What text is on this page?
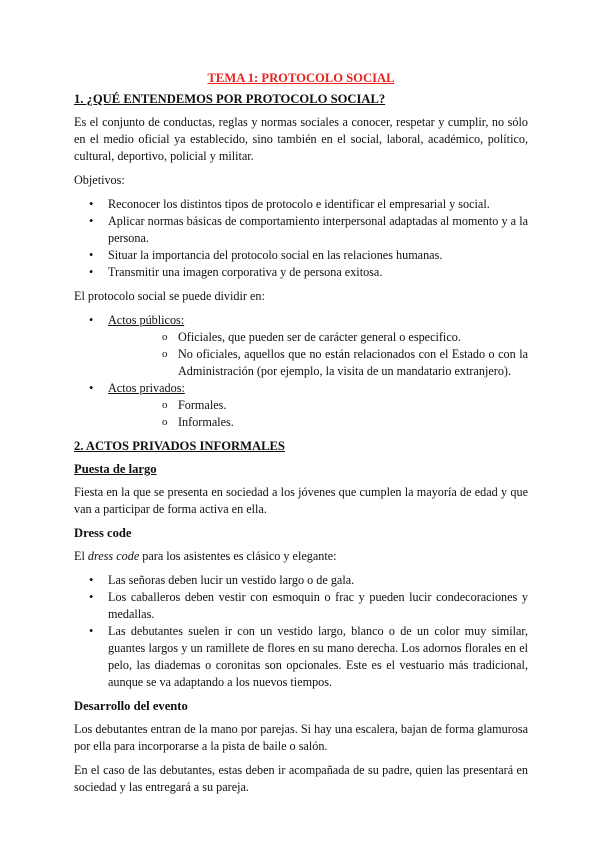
TEMA 1: PROTOCOLO SOCIAL
1. ¿QUÉ ENTENDEMOS POR PROTOCOLO SOCIAL?

Es el conjunto de conductas, reglas y normas sociales a conocer, respetar y cumplir, no sólo en el medio oficial ya establecido, sino también en el social, laboral, académico, político, cultural, deportivo, policial y militar.

Objetivos:

• Reconocer los distintos tipos de protocolo e identificar el empresarial y social.
• Aplicar normas básicas de comportamiento interpersonal adaptadas al momento y a la persona.
• Situar la importancia del protocolo social en las relaciones humanas.
• Transmitir una imagen corporativa y de persona exitosa.

El protocolo social se puede dividir en:

• Actos públicos:
o Oficiales, que pueden ser de carácter general o especifico.
o No oficiales, aquellos que no están relacionados con el Estado o con la Administración (por ejemplo, la visita de un mandatario extranjero).
• Actos privados:
o Formales.
o Informales.
2. ACTOS PRIVADOS INFORMALES
Puesta de largo

Fiesta en la que se presenta en sociedad a los jóvenes que cumplen la mayoría de edad y que van a participar de forma activa en ella.

Dress code

El dress code para los asistentes es clásico y elegante:

• Las señoras deben lucir un vestido largo o de gala.
• Los caballeros deben vestir con esmoquin o frac y pueden lucir condecoraciones y medallas.
• Las debutantes suelen ir con un vestido largo, blanco o de un color muy similar, guantes largos y un ramillete de flores en su mano derecha. Los adornos florales en el pelo, las diademas o coronitas son opcionales. Este es el vestuario más tradicional, aunque se va adaptando a los nuevos tiempos.
Desarrollo del evento

Los debutantes entran de la mano por parejas. Si hay una escalera, bajan de forma glamurosa por ella para incorporarse a la pista de baile o salón.

En el caso de las debutantes, estas deben ir acompañada de su padre, quien las presentará en sociedad y las entregará a su pareja.
